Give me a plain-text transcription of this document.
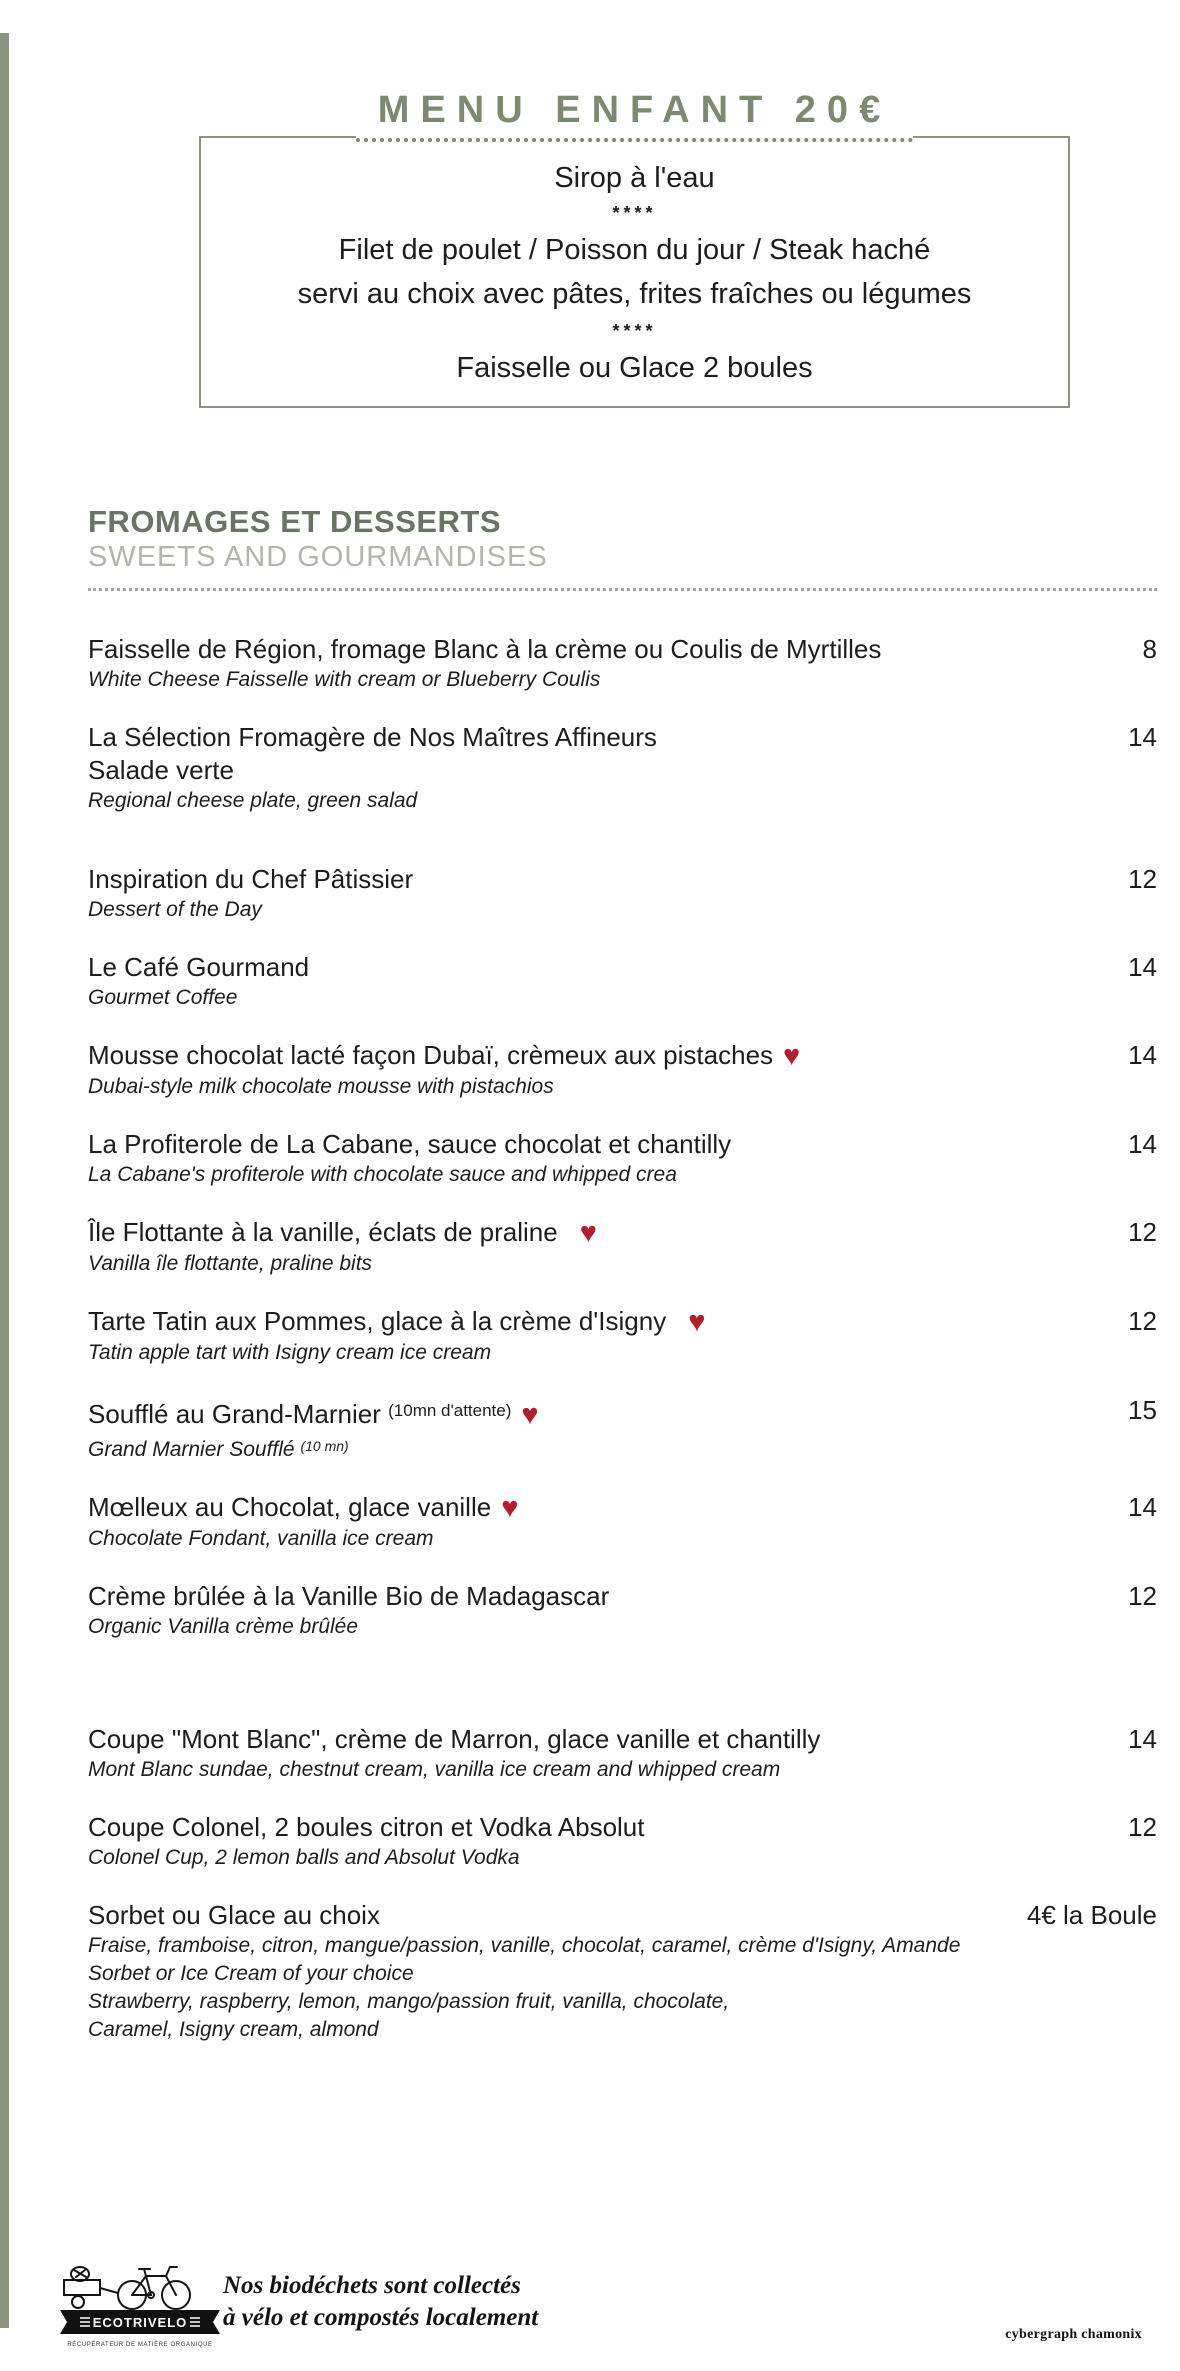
MENU ENFANT 20€
Sirop à l'eau
****
Filet de poulet / Poisson du jour / Steak haché
servi au choix avec pâtes, frites fraîches ou légumes
****
Faisselle ou Glace 2 boules
FROMAGES ET DESSERTS
SWEETS AND GOURMANDISES
Faisselle de Région, fromage Blanc à la crème ou Coulis de Myrtilles	8
White Cheese Faisselle with cream or Blueberry Coulis
La Sélection Fromagère de Nos Maîtres Affineurs	14
Salade verte
Regional cheese plate, green salad
Inspiration du Chef Pâtissier	12
Dessert of the Day
Le Café Gourmand	14
Gourmet Coffee
Mousse chocolat lacté façon Dubaï, crèmeux aux pistaches ♥	14
Dubai-style milk chocolate mousse with pistachios
La Profiterole de La Cabane, sauce chocolat et chantilly	14
La Cabane's profiterole with chocolate sauce and whipped crea
Île Flottante à la vanille, éclats de praline ♥	12
Vanilla île flottante, praline bits
Tarte Tatin aux Pommes, glace à la crème d'Isigny ♥	12
Tatin apple tart with Isigny cream ice cream
Soufflé au Grand-Marnier $^{(10mn d'attente)}$ ♥	15
Grand Marnier Soufflé $^{(10 mn)}$
Mœlleux au Chocolat, glace vanille ♥	14
Chocolate Fondant, vanilla ice cream
Crème brûlée à la Vanille Bio de Madagascar	12
Organic Vanilla crème brûlée
Coupe "Mont Blanc", crème de Marron, glace vanille et chantilly	14
Mont Blanc sundae, chestnut cream, vanilla ice cream and whipped cream
Coupe Colonel, 2 boules citron et Vodka Absolut	12
Colonel Cup, 2 lemon balls and Absolut Vodka
Sorbet ou Glace au choix	4€ la Boule
Fraise, framboise, citron, mangue/passion, vanille, chocolat, caramel, crème d'Isigny, Amande
Sorbet or Ice Cream of your choice
Strawberry, raspberry, lemon, mango/passion fruit, vanilla, chocolate,
Caramel, Isigny cream, almond
ECOTRIVELO
RÉCUPÉRATEUR DE MATIÈRE ORGANIQUE
Nos biodéchets sont collectés
à vélo et compostés localement
cybergraph chamonix
